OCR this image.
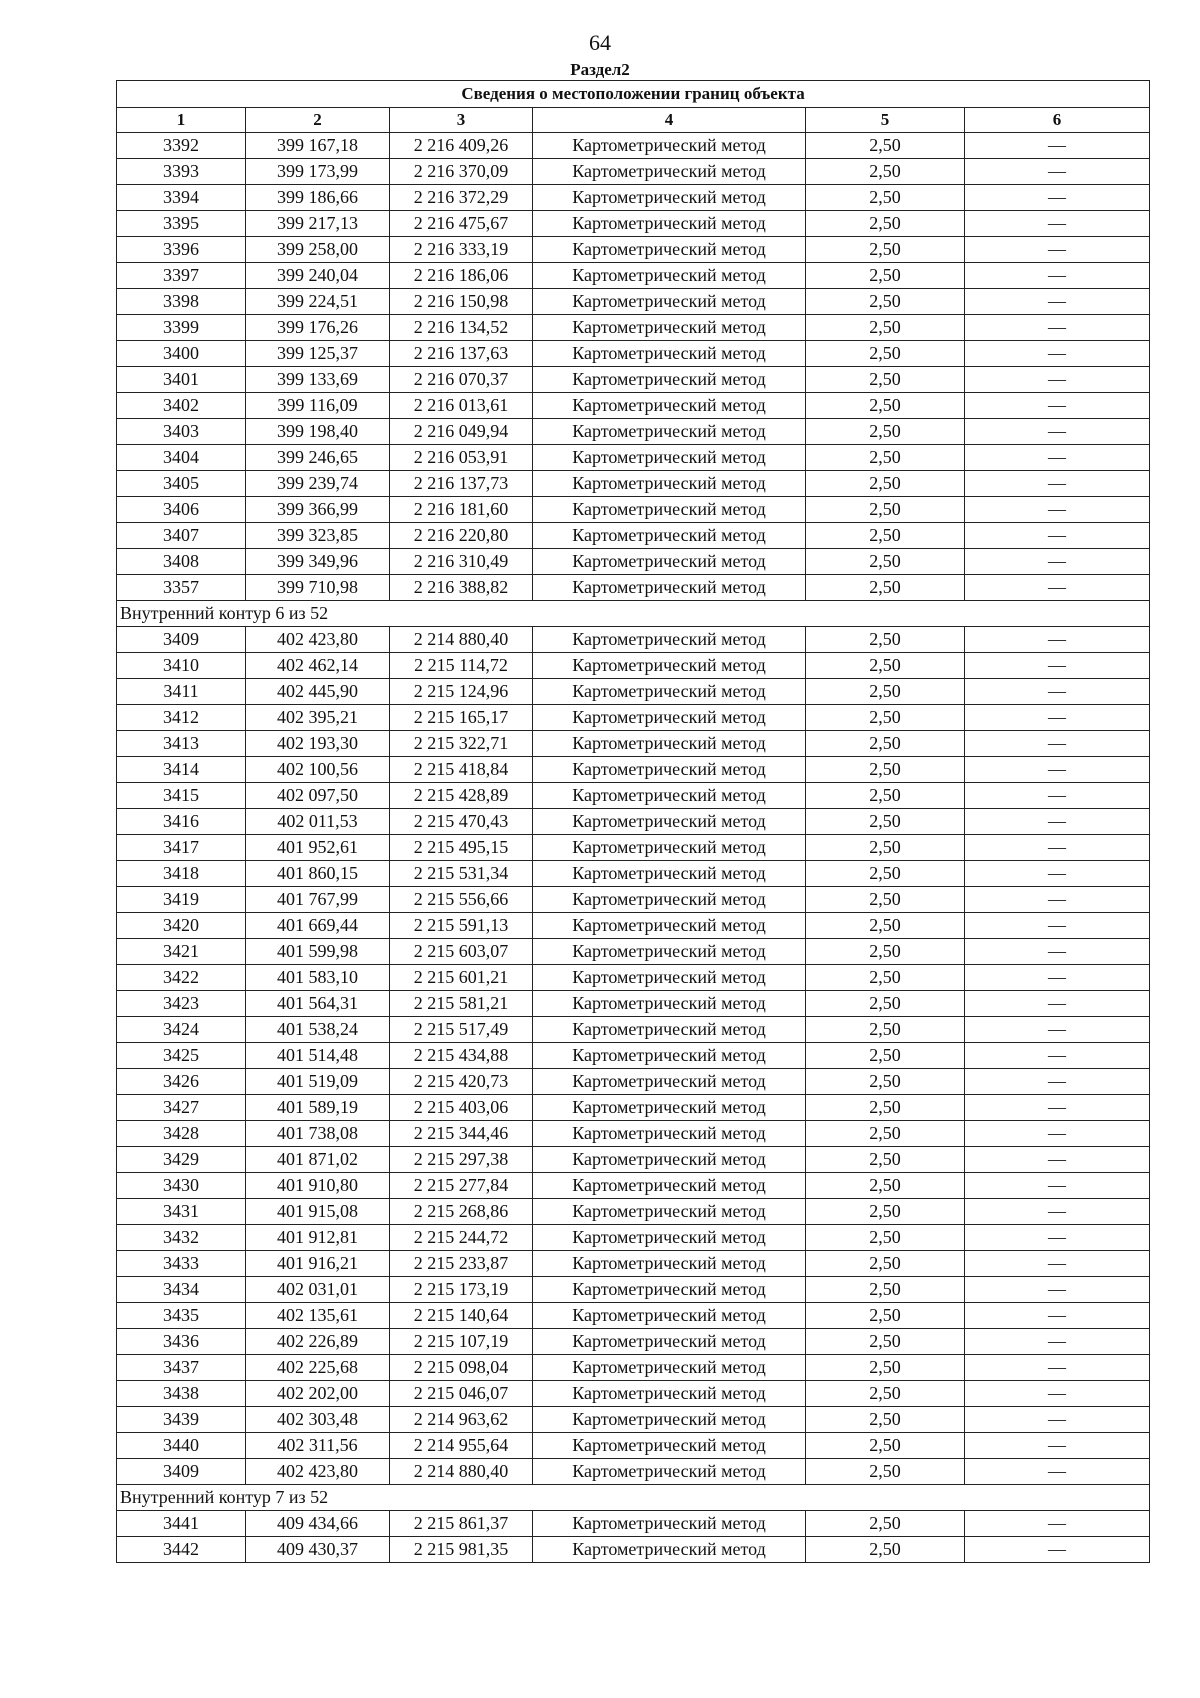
64
Раздел2
Сведения о местоположении границ объекта					
1	2	3	4	5	6
3392	399 167,18	2 216 409,26	Картометрический метод	2,50	—
3393	399 173,99	2 216 370,09	Картометрический метод	2,50	—
3394	399 186,66	2 216 372,29	Картометрический метод	2,50	—
3395	399 217,13	2 216 475,67	Картометрический метод	2,50	—
3396	399 258,00	2 216 333,19	Картометрический метод	2,50	—
3397	399 240,04	2 216 186,06	Картометрический метод	2,50	—
3398	399 224,51	2 216 150,98	Картометрический метод	2,50	—
3399	399 176,26	2 216 134,52	Картометрический метод	2,50	—
3400	399 125,37	2 216 137,63	Картометрический метод	2,50	—
3401	399 133,69	2 216 070,37	Картометрический метод	2,50	—
3402	399 116,09	2 216 013,61	Картометрический метод	2,50	—
3403	399 198,40	2 216 049,94	Картометрический метод	2,50	—
3404	399 246,65	2 216 053,91	Картометрический метод	2,50	—
3405	399 239,74	2 216 137,73	Картометрический метод	2,50	—
3406	399 366,99	2 216 181,60	Картометрический метод	2,50	—
3407	399 323,85	2 216 220,80	Картометрический метод	2,50	—
3408	399 349,96	2 216 310,49	Картометрический метод	2,50	—
3357	399 710,98	2 216 388,82	Картометрический метод	2,50	—
Внутренний контур 6 из 52					
3409	402 423,80	2 214 880,40	Картометрический метод	2,50	—
3410	402 462,14	2 215 114,72	Картометрический метод	2,50	—
3411	402 445,90	2 215 124,96	Картометрический метод	2,50	—
3412	402 395,21	2 215 165,17	Картометрический метод	2,50	—
3413	402 193,30	2 215 322,71	Картометрический метод	2,50	—
3414	402 100,56	2 215 418,84	Картометрический метод	2,50	—
3415	402 097,50	2 215 428,89	Картометрический метод	2,50	—
3416	402 011,53	2 215 470,43	Картометрический метод	2,50	—
3417	401 952,61	2 215 495,15	Картометрический метод	2,50	—
3418	401 860,15	2 215 531,34	Картометрический метод	2,50	—
3419	401 767,99	2 215 556,66	Картометрический метод	2,50	—
3420	401 669,44	2 215 591,13	Картометрический метод	2,50	—
3421	401 599,98	2 215 603,07	Картометрический метод	2,50	—
3422	401 583,10	2 215 601,21	Картометрический метод	2,50	—
3423	401 564,31	2 215 581,21	Картометрический метод	2,50	—
3424	401 538,24	2 215 517,49	Картометрический метод	2,50	—
3425	401 514,48	2 215 434,88	Картометрический метод	2,50	—
3426	401 519,09	2 215 420,73	Картометрический метод	2,50	—
3427	401 589,19	2 215 403,06	Картометрический метод	2,50	—
3428	401 738,08	2 215 344,46	Картометрический метод	2,50	—
3429	401 871,02	2 215 297,38	Картометрический метод	2,50	—
3430	401 910,80	2 215 277,84	Картометрический метод	2,50	—
3431	401 915,08	2 215 268,86	Картометрический метод	2,50	—
3432	401 912,81	2 215 244,72	Картометрический метод	2,50	—
3433	401 916,21	2 215 233,87	Картометрический метод	2,50	—
3434	402 031,01	2 215 173,19	Картометрический метод	2,50	—
3435	402 135,61	2 215 140,64	Картометрический метод	2,50	—
3436	402 226,89	2 215 107,19	Картометрический метод	2,50	—
3437	402 225,68	2 215 098,04	Картометрический метод	2,50	—
3438	402 202,00	2 215 046,07	Картометрический метод	2,50	—
3439	402 303,48	2 214 963,62	Картометрический метод	2,50	—
3440	402 311,56	2 214 955,64	Картометрический метод	2,50	—
3409	402 423,80	2 214 880,40	Картометрический метод	2,50	—
Внутренний контур 7 из 52					
3441	409 434,66	2 215 861,37	Картометрический метод	2,50	—
3442	409 430,37	2 215 981,35	Картометрический метод	2,50	—
